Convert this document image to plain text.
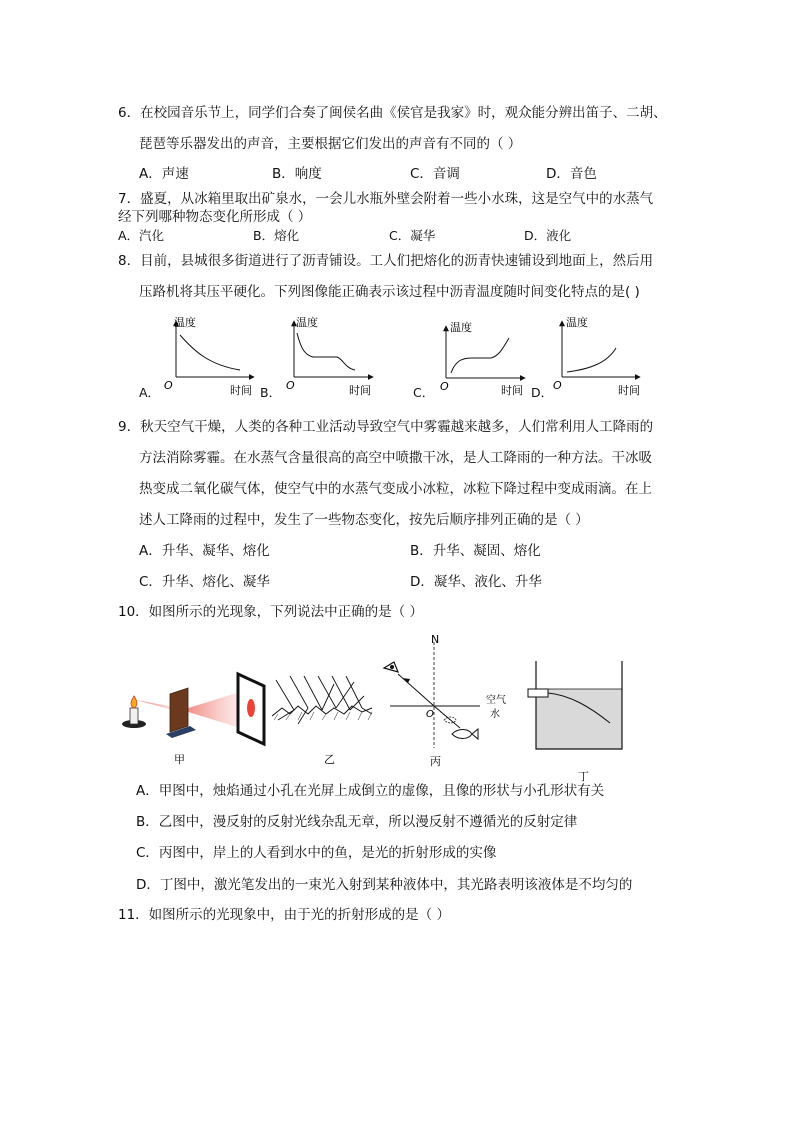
6．在校园音乐节上，同学们合奏了闽侯名曲《侯官是我家》时，观众能分辨出笛子、二胡、
琵琶等乐器发出的声音，主要根据它们发出的声音有不同的（ ）
A．声速	B．响度	C．音调	D．音色
7．盛夏，从冰箱里取出矿泉水，一会儿水瓶外壁会附着一些小水珠，这是空气中的水蒸气
经下列哪种物态变化所形成（ ）
A．汽化	B．熔化	C．凝华	D．液化
8．目前，县城很多街道进行了沥青铺设。工人们把熔化的沥青快速铺设到地面上，然后用
压路机将其压平硬化。下列图像能正确表示该过程中沥青温度随时间变化特点的是( )
A．	B．	C．	D．
温度
O	时间
温度
O	时间
温度
O	时间
温度
O	时间
9．秋天空气干燥，人类的各种工业活动导致空气中雾霾越来越多，人们常利用人工降雨的
方法消除雾霾。在水蒸气含量很高的高空中喷撒干冰，是人工降雨的一种方法。干冰吸
热变成二氧化碳气体，使空气中的水蒸气变成小冰粒，冰粒下降过程中变成雨滴。在上
述人工降雨的过程中，发生了一些物态变化，按先后顺序排列正确的是（ ）
A．升华、凝华、熔化	B．升华、凝固、熔化
C．升华、熔化、凝华	D．凝华、液化、升华
10．如图所示的光现象，下列说法中正确的是（ ）
甲	乙
N
O
空气
水
丙
丁
A．甲图中，烛焰通过小孔在光屏上成倒立的虚像，且像的形状与小孔形状有关
B．乙图中，漫反射的反射光线杂乱无章，所以漫反射不遵循光的反射定律
C．丙图中，岸上的人看到水中的鱼，是光的折射形成的实像
D．丁图中，激光笔发出的一束光入射到某种液体中，其光路表明该液体是不均匀的
11．如图所示的光现象中，由于光的折射形成的是（ ）
